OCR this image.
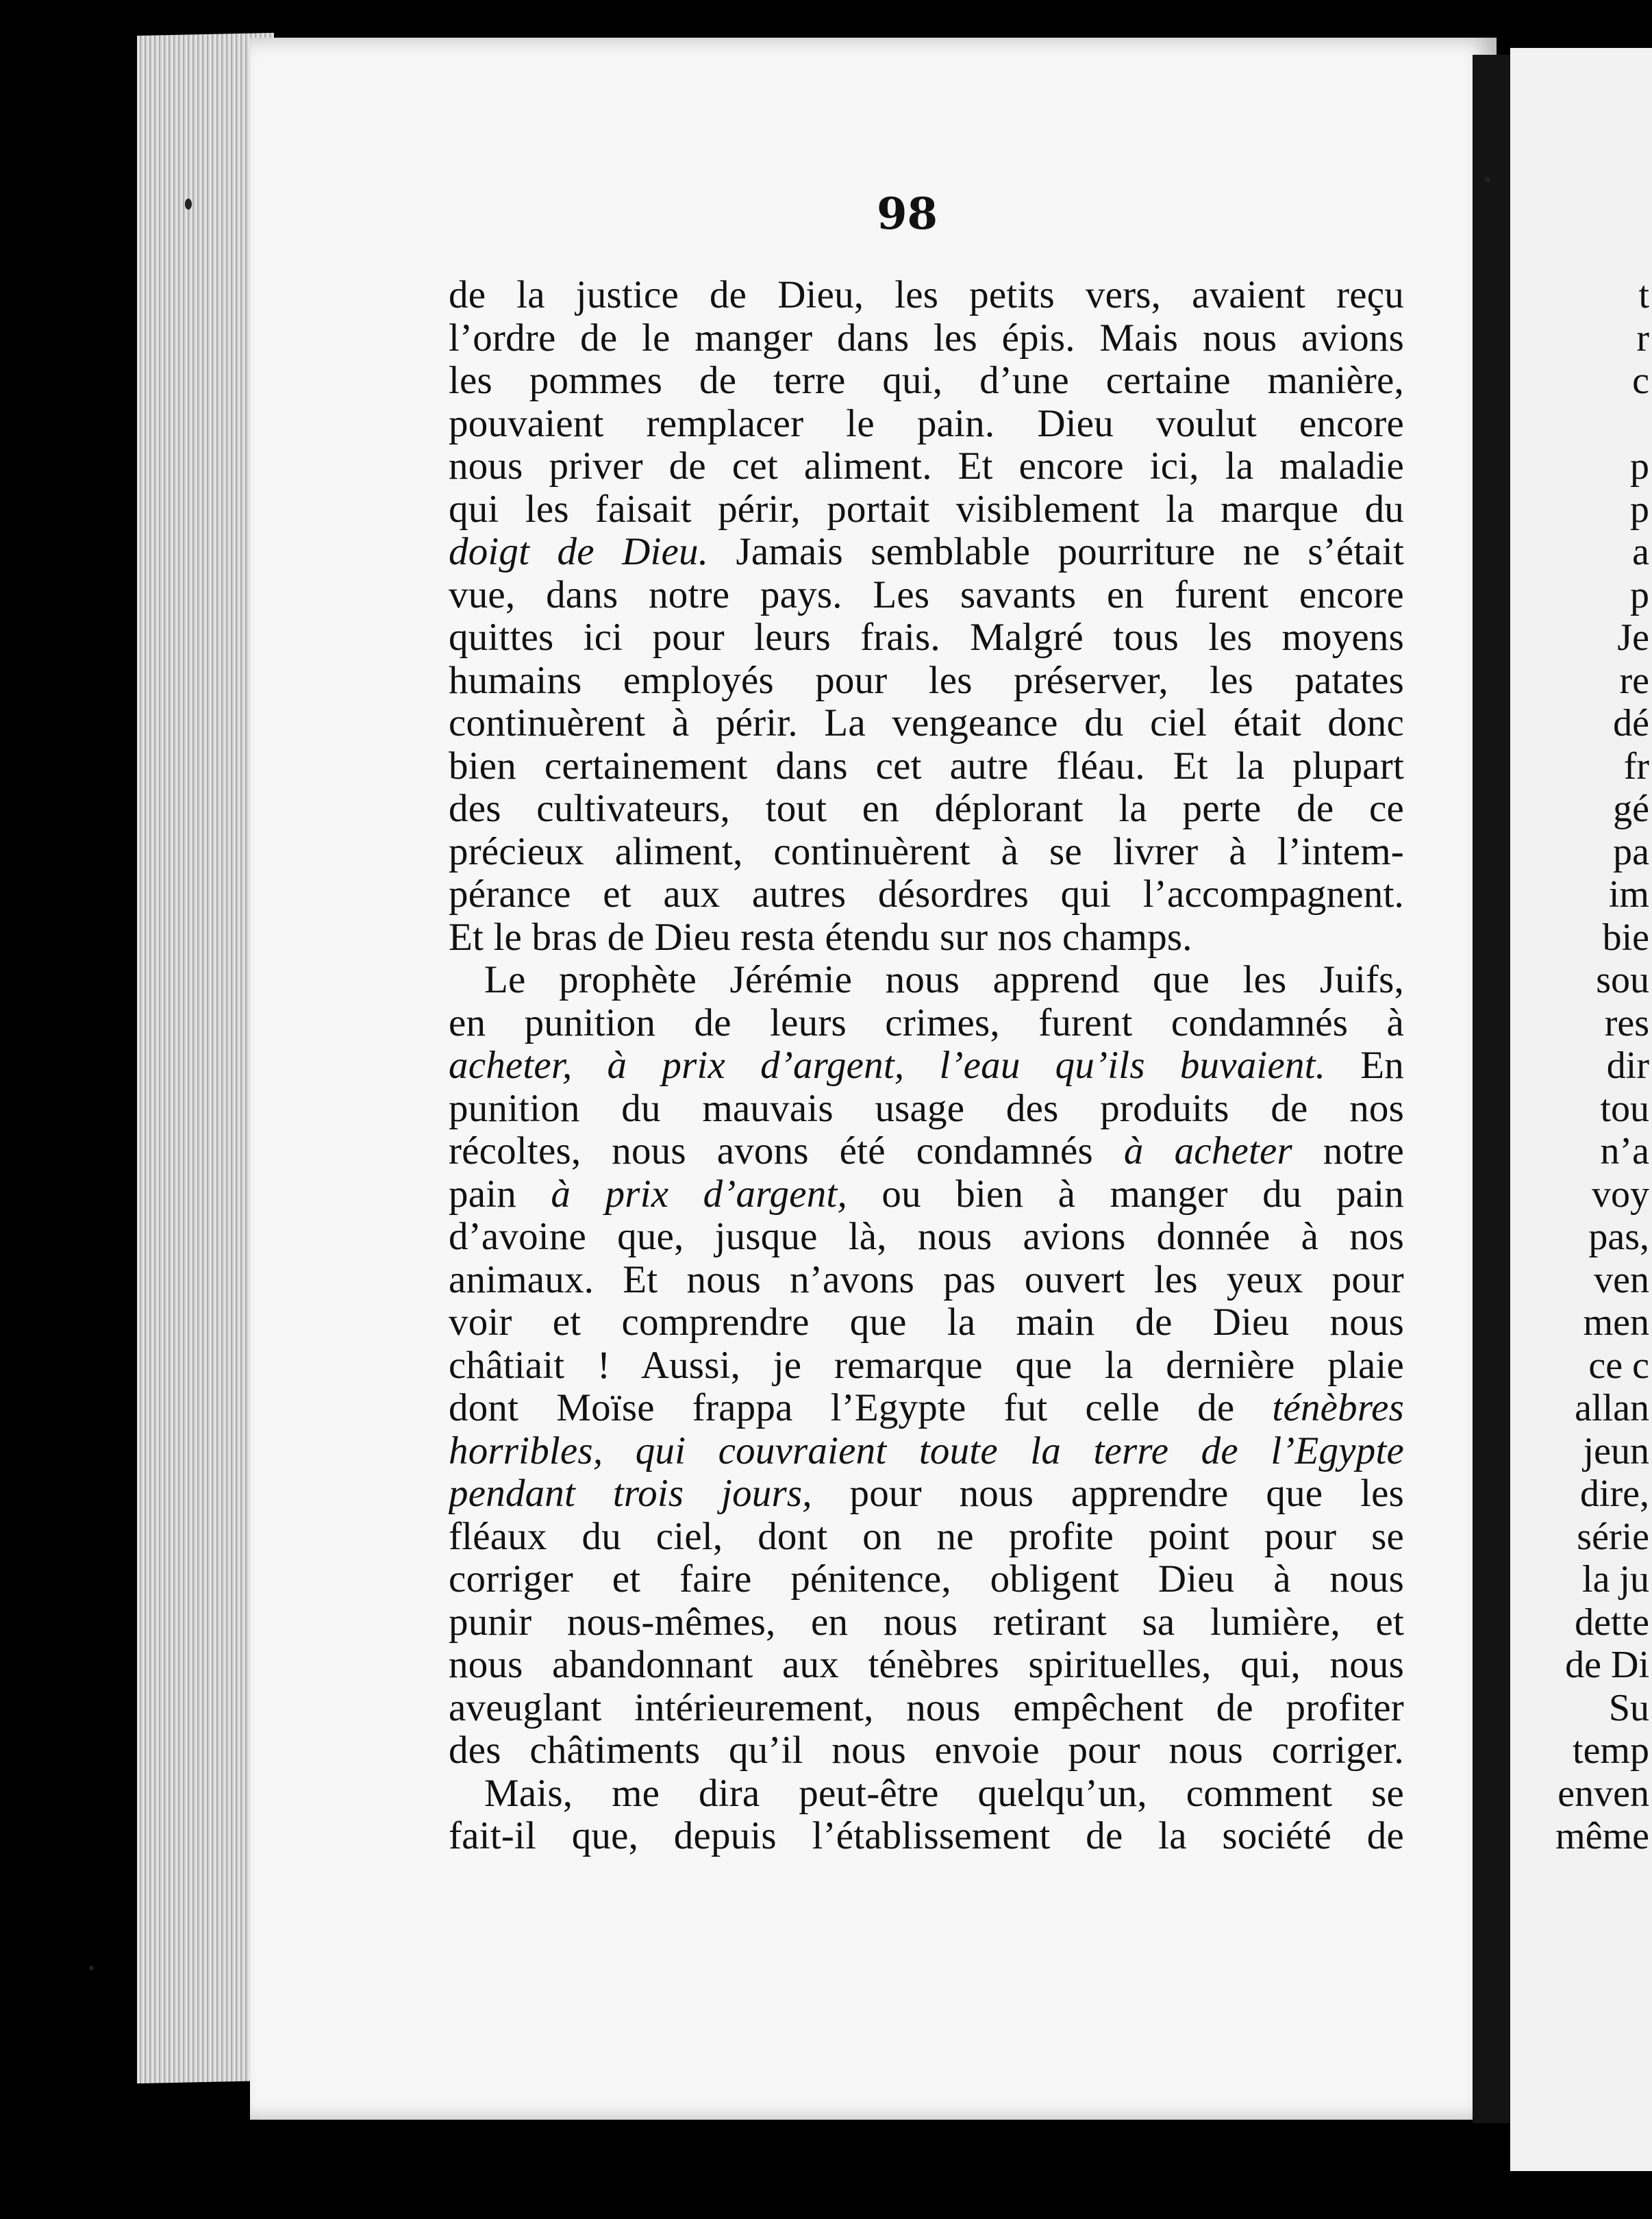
98
de la justice de Dieu, les petits vers, avaient reçu
l’ordre de le manger dans les épis. Mais nous avions
les pommes de terre qui, d’une certaine manière,
pouvaient remplacer le pain. Dieu voulut encore
nous priver de cet aliment. Et encore ici, la maladie
qui les faisait périr, portait visiblement la marque du
doigt de Dieu. Jamais semblable pourriture ne s’était
vue, dans notre pays. Les savants en furent encore
quittes ici pour leurs frais. Malgré tous les moyens
humains employés pour les préserver, les patates
continuèrent à périr. La vengeance du ciel était donc
bien certainement dans cet autre fléau. Et la plupart
des cultivateurs, tout en déplorant la perte de ce
précieux aliment, continuèrent à se livrer à l’intem-
pérance et aux autres désordres qui l’accompagnent.
Et le bras de Dieu resta étendu sur nos champs.
Le prophète Jérémie nous apprend que les Juifs,
en punition de leurs crimes, furent condamnés à
acheter, à prix d’argent, l’eau qu’ils buvaient. En
punition du mauvais usage des produits de nos
récoltes, nous avons été condamnés à acheter notre
pain à prix d’argent, ou bien à manger du pain
d’avoine que, jusque là, nous avions donnée à nos
animaux. Et nous n’avons pas ouvert les yeux pour
voir et comprendre que la main de Dieu nous
châtiait ! Aussi, je remarque que la dernière plaie
dont Moïse frappa l’Egypte fut celle de ténèbres
horribles, qui couvraient toute la terre de l’Egypte
pendant trois jours, pour nous apprendre que les
fléaux du ciel, dont on ne profite point pour se
corriger et faire pénitence, obligent Dieu à nous
punir nous-mêmes, en nous retirant sa lumière, et
nous abandonnant aux ténèbres spirituelles, qui, nous
aveuglant intérieurement, nous empêchent de profiter
des châtiments qu’il nous envoie pour nous corriger.
Mais, me dira peut-être quelqu’un, comment se
fait-il que, depuis l’établissement de la société de
t
r
c

p
p
a
p
Je
re
dé
fr
gé
pa
im
bie
sou
res
dir
tou
n’a
voy
pas,
ven
men
ce c
allan
jeun
dire,
série
la ju
dette
de Di
Su
temp
enven
même
